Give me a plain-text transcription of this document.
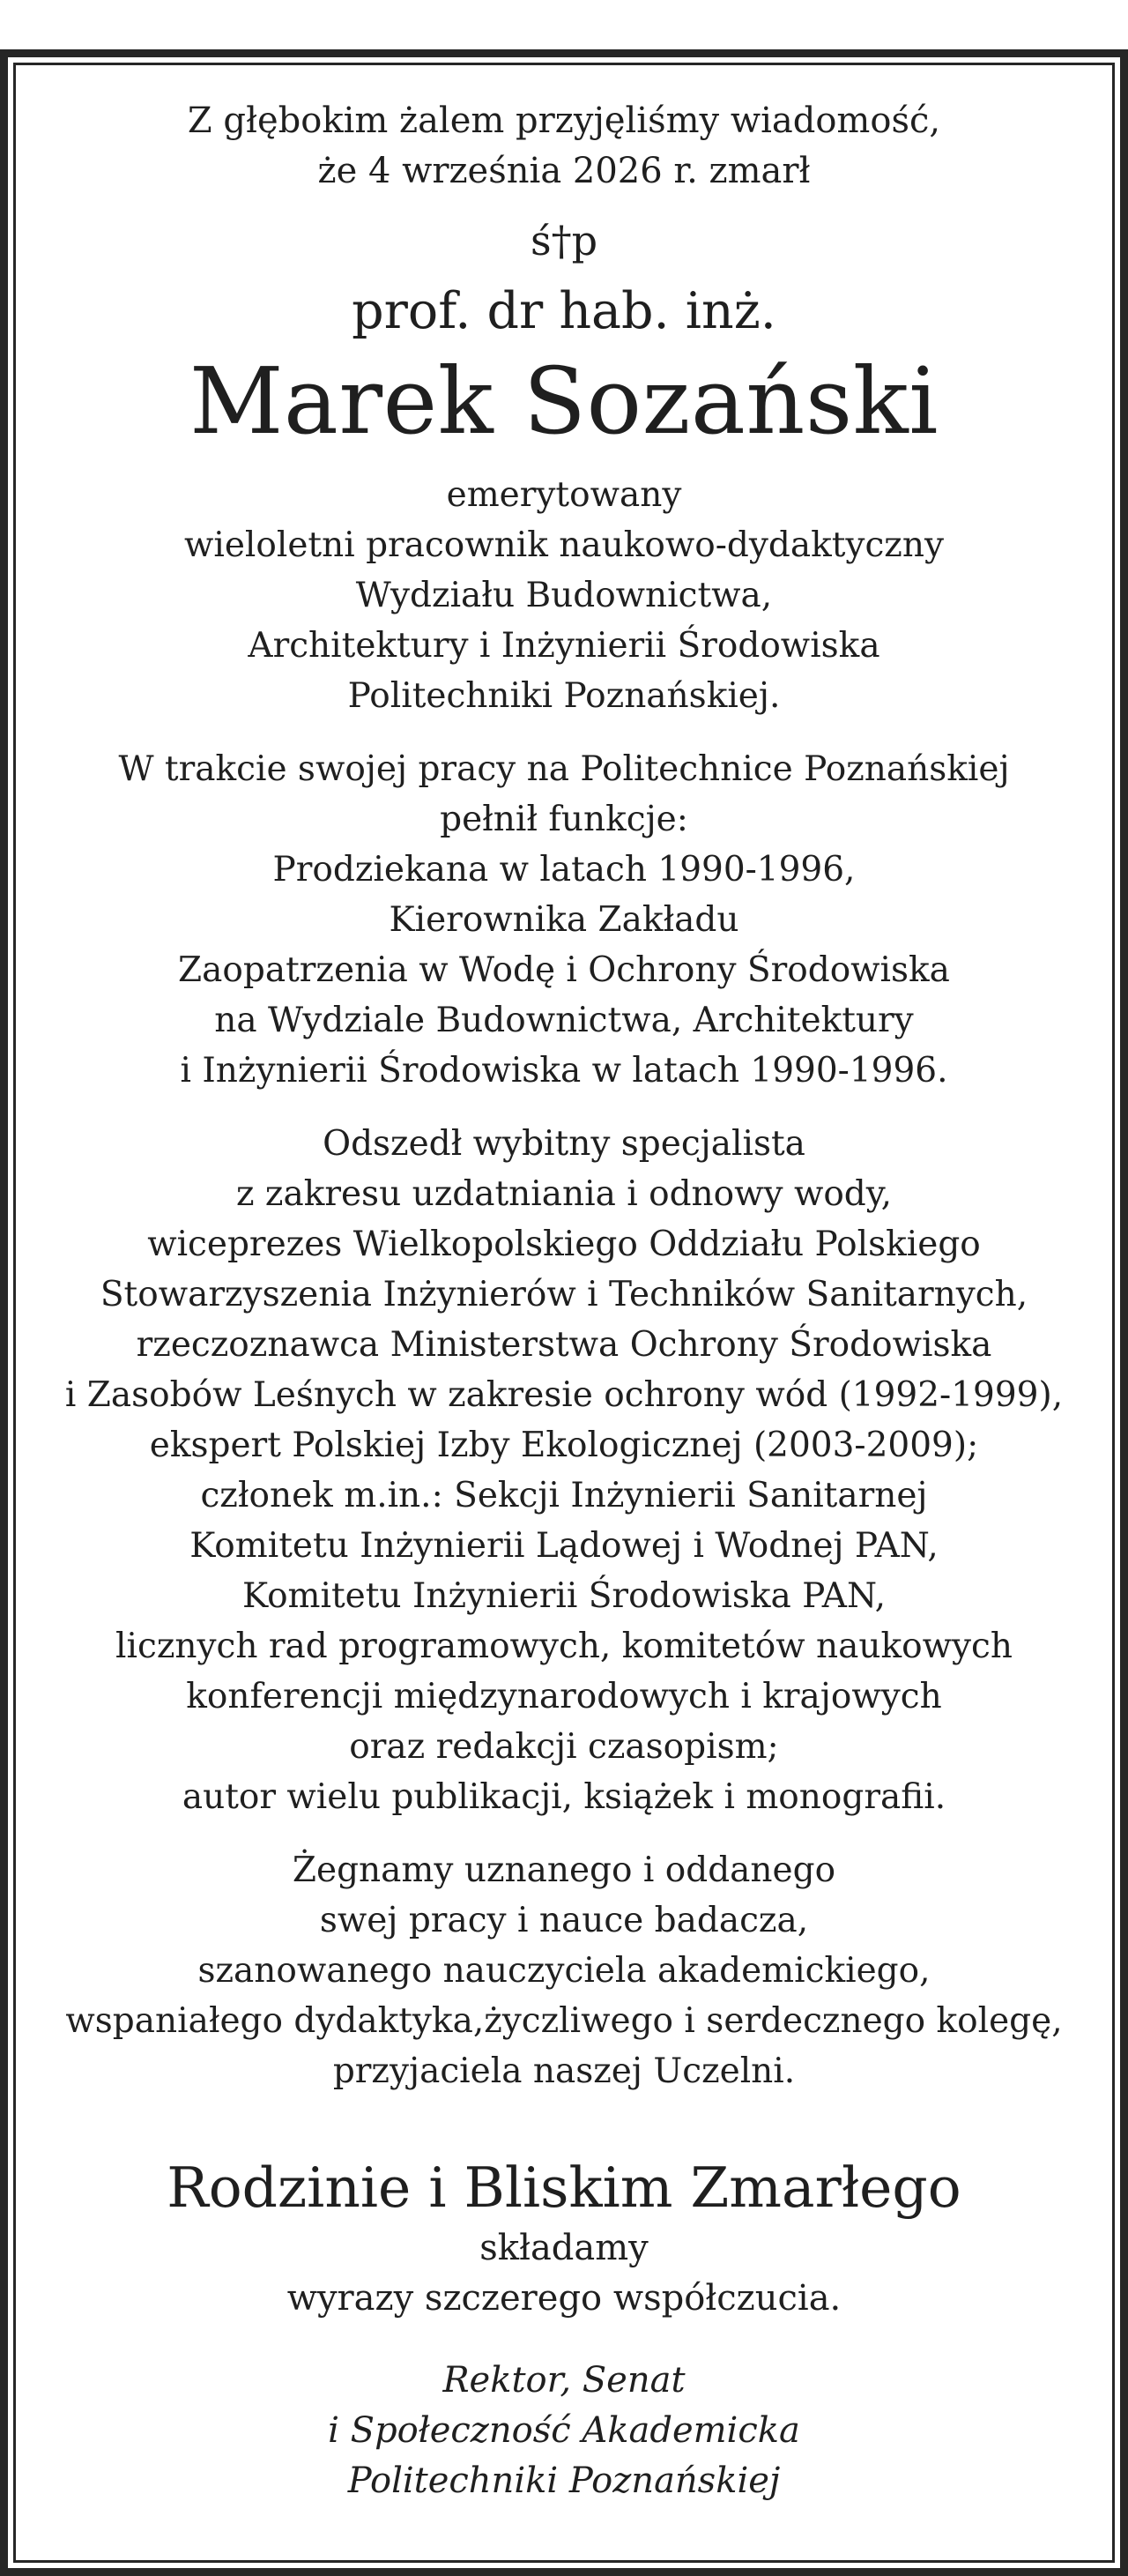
Z głębokim żalem przyjęliśmy wiadomość,
że 4 września 2026 r. zmarł
ś†p
prof. dr hab. inż.
Marek Sozański
emerytowany
wieloletni pracownik naukowo-dydaktyczny
Wydziału Budownictwa,
Architektury i Inżynierii Środowiska
Politechniki Poznańskiej.
W trakcie swojej pracy na Politechnice Poznańskiej
pełnił funkcje:
Prodziekana w latach 1990-1996,
Kierownika Zakładu
Zaopatrzenia w Wodę i Ochrony Środowiska
na Wydziale Budownictwa, Architektury
i Inżynierii Środowiska w latach 1990-1996.
Odszedł wybitny specjalista
z zakresu uzdatniania i odnowy wody,
wiceprezes Wielkopolskiego Oddziału Polskiego
Stowarzyszenia Inżynierów i Techników Sanitarnych,
rzeczoznawca Ministerstwa Ochrony Środowiska
i Zasobów Leśnych w zakresie ochrony wód (1992-1999),
ekspert Polskiej Izby Ekologicznej (2003-2009);
członek m.in.: Sekcji Inżynierii Sanitarnej
Komitetu Inżynierii Lądowej i Wodnej PAN,
Komitetu Inżynierii Środowiska PAN,
licznych rad programowych, komitetów naukowych
konferencji międzynarodowych i krajowych
oraz redakcji czasopism;
autor wielu publikacji, książek i monografii.
Żegnamy uznanego i oddanego
swej pracy i nauce badacza,
szanowanego nauczyciela akademickiego,
wspaniałego dydaktyka,życzliwego i serdecznego kolegę,
przyjaciela naszej Uczelni.
Rodzinie i Bliskim Zmarłego
składamy
wyrazy szczerego współczucia.
Rektor, Senat
i Społeczność Akademicka
Politechniki Poznańskiej
